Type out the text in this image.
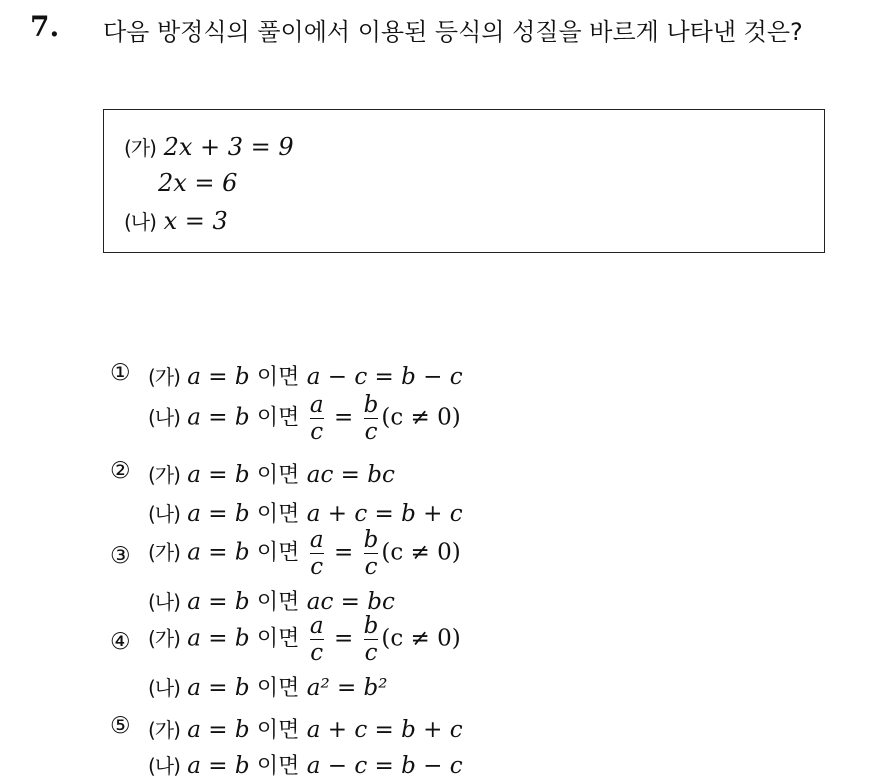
7. 다음 방정식의 풀이에서 이용된 등식의 성질을 바르게 나타낸 것은?
(가) 2x + 3 = 9
2x = 6
(나) x = 3
① (가) a = b 이면 a − c = b − c
(나) a = b 이면 $\frac{a}{c} = \frac{b}{c} (c \ne 0)$
② (가) a = b 이면 ac = bc
(나) a = b 이면 a + c = b + c
③ (가) a = b 이면 $\frac{a}{c} = \frac{b}{c} (c \ne 0)$
(나) a = b 이면 ac = bc
④ (가) a = b 이면 $\frac{a}{c} = \frac{b}{c} (c \ne 0)$
(나) a = b 이면 a² = b²
⑤ (가) a = b 이면 a + c = b + c
(나) a = b 이면 a − c = b − c
